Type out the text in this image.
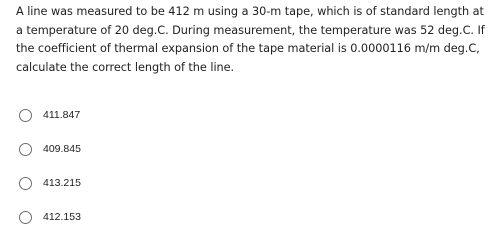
A line was measured to be 412 m using a 30-m tape, which is of standard length at a temperature of 20 deg.C. During measurement, the temperature was 52 deg.C. If the coefficient of thermal expansion of the tape material is 0.0000116 m/m deg.C, calculate the correct length of the line.

411.847
409.845
413.215
412.153
